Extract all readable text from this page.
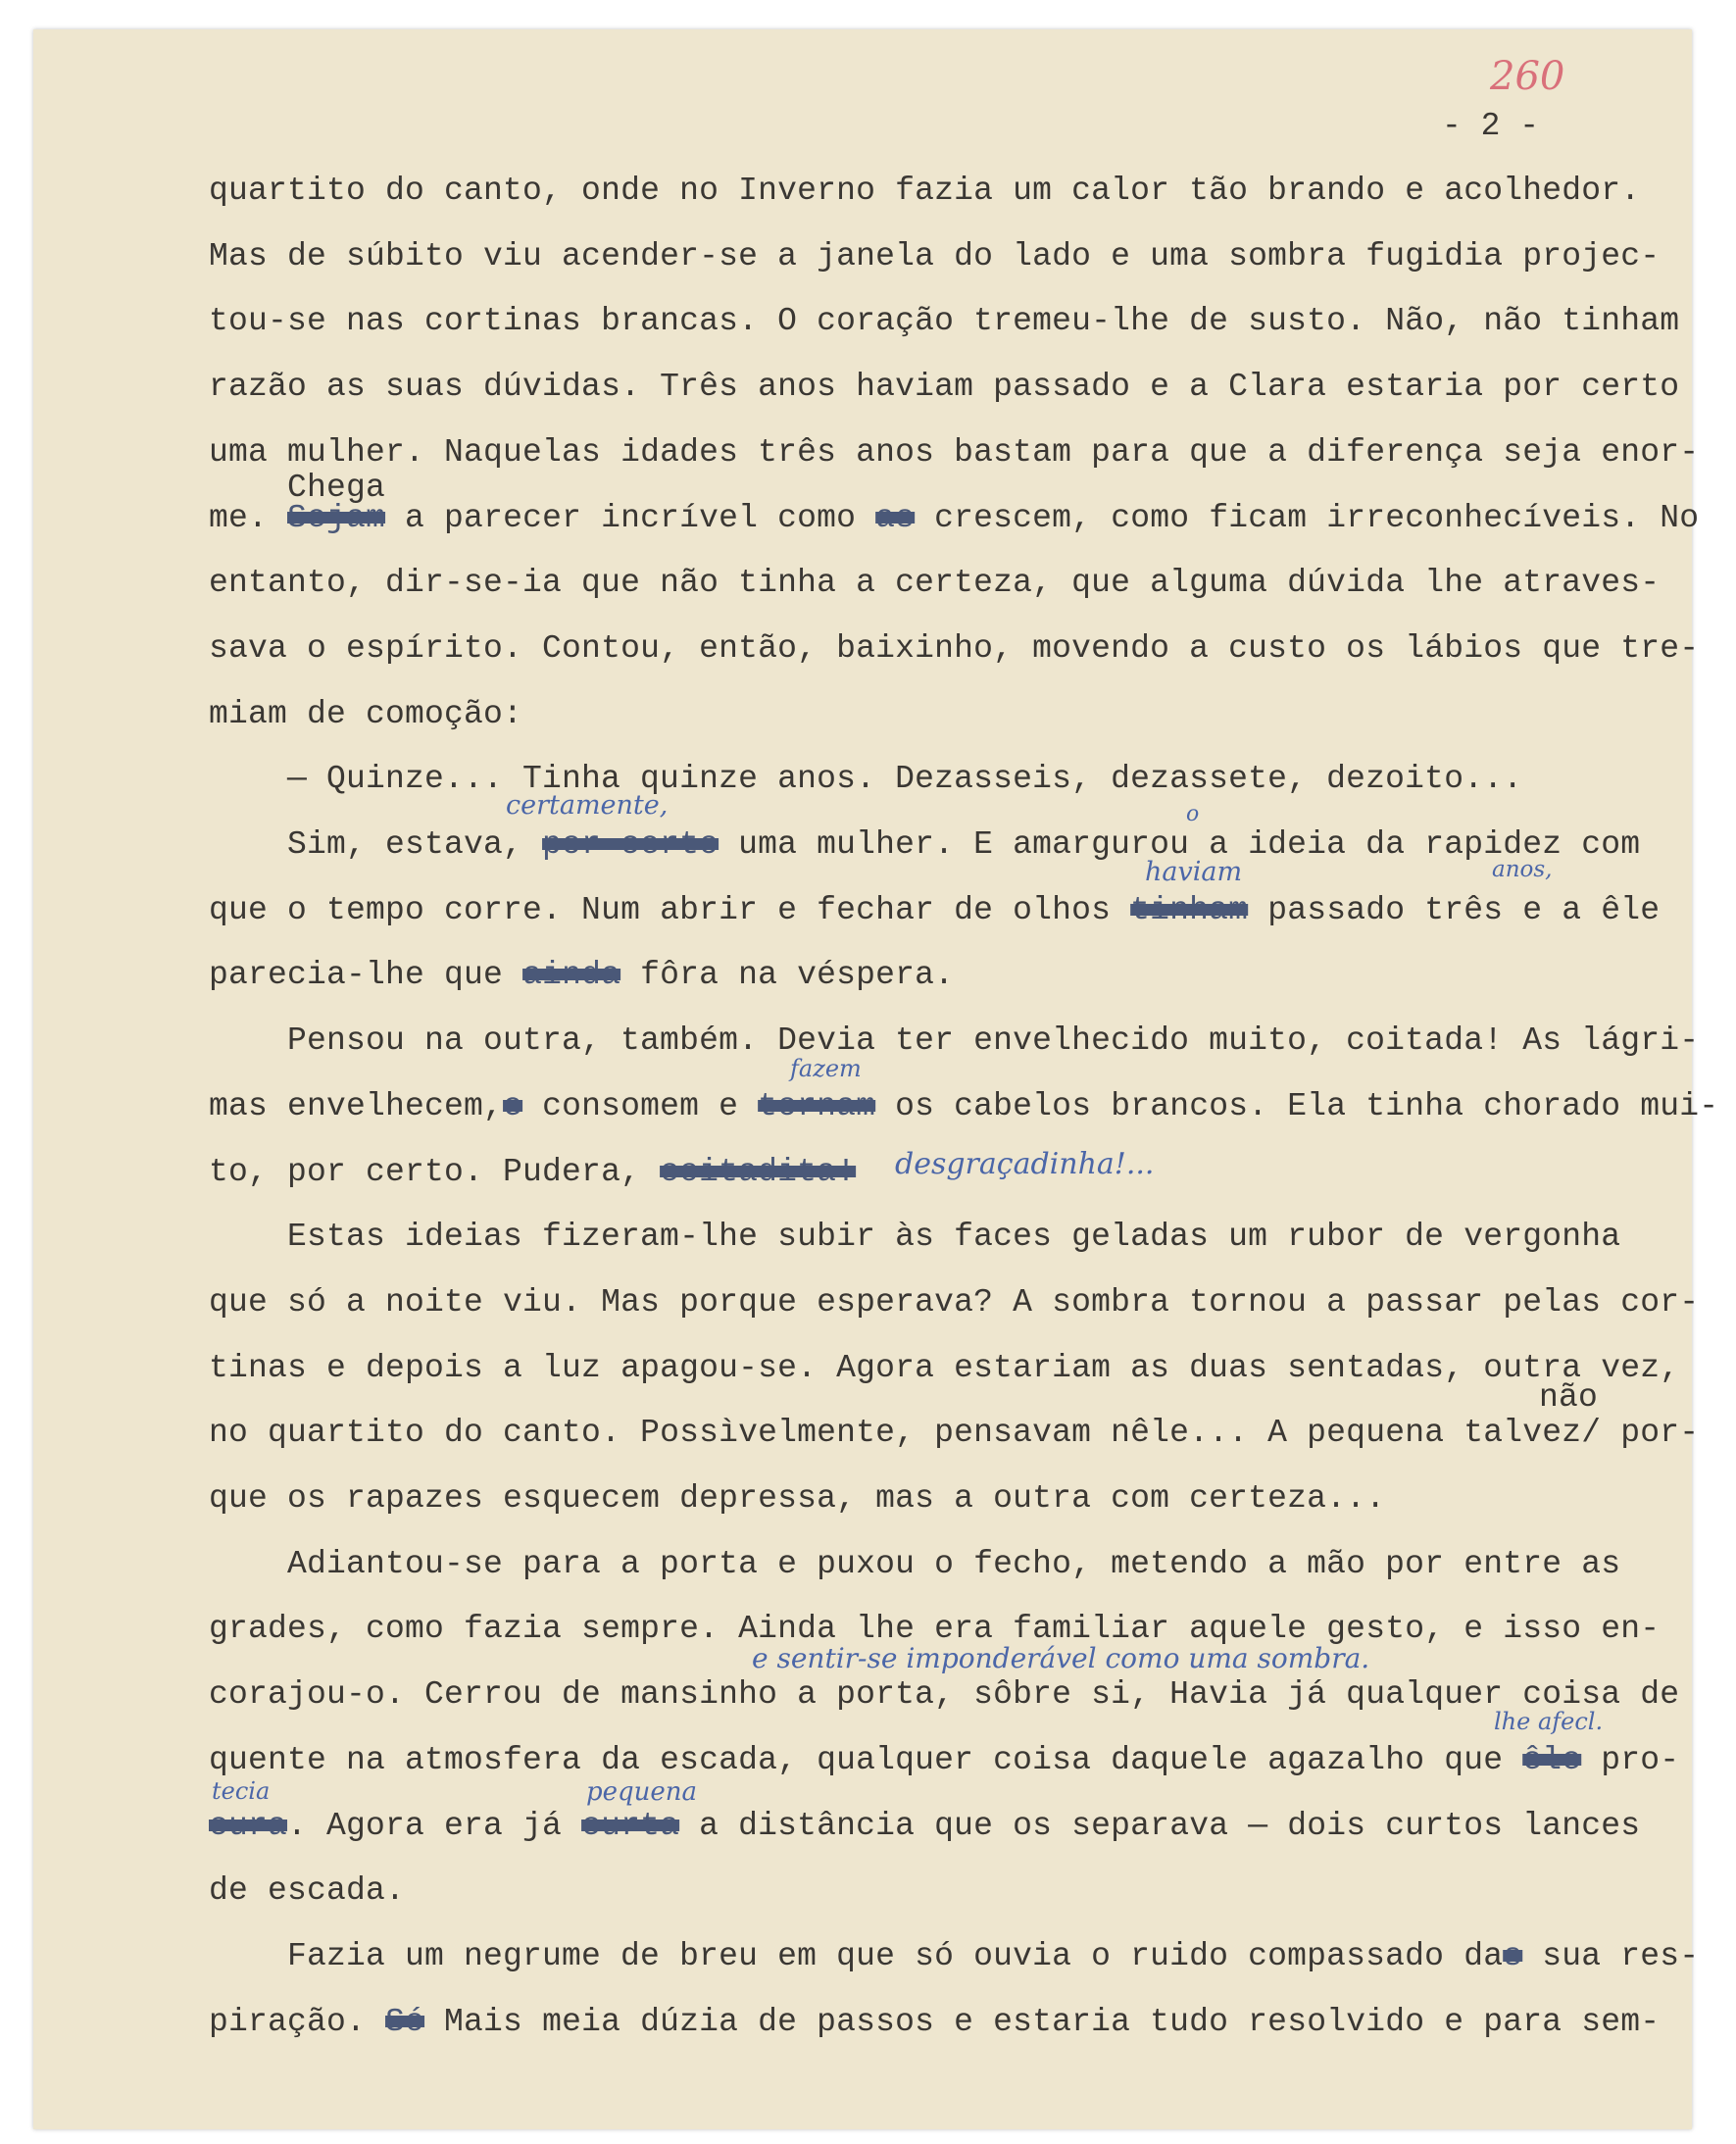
260
- 2 -
quartito do canto, onde no Inverno fazia um calor tão brando e acolhedor.
Mas de súbito viu acender-se a janela do lado e uma sombra fugidia projec-
tou-se nas cortinas brancas. O coração tremeu-lhe de susto. Não, não tinham
razão as suas dúvidas. Três anos haviam passado e a Clara estaria por certo
uma mulher. Naquelas idades três anos bastam para que a diferença seja enor-
me. Sejam a parecer incrível como as crescem, como ficam irreconhecíveis. No
entanto, dir-se-ia que não tinha a certeza, que alguma dúvida lhe atraves-
sava o espírito. Contou, então, baixinho, movendo a custo os lábios que tre-
miam de comoção:
— Quinze... Tinha quinze anos. Dezasseis, dezassete, dezoito...
Sim, estava, por certo uma mulher. E amargurou a ideia da rapidez com
que o tempo corre. Num abrir e fechar de olhos tinham passado três e a êle
parecia-lhe que ainda fôra na véspera.
Pensou na outra, também. Devia ter envelhecido muito, coitada! As lágri-
mas envelhecem,e consomem e tornam os cabelos brancos. Ela tinha chorado mui-
to, por certo. Pudera, coitadita!
Estas ideias fizeram-lhe subir às faces geladas um rubor de vergonha
que só a noite viu. Mas porque esperava? A sombra tornou a passar pelas cor-
tinas e depois a luz apagou-se. Agora estariam as duas sentadas, outra vez,
no quartito do canto. Possìvelmente, pensavam nêle... A pequena talvez/ por-
que os rapazes esquecem depressa, mas a outra com certeza...
Adiantou-se para a porta e puxou o fecho, metendo a mão por entre as
grades, como fazia sempre. Ainda lhe era familiar aquele gesto, e isso en-
corajou-o. Cerrou de mansinho a porta, sôbre si, Havia já qualquer coisa de
quente na atmosfera da escada, qualquer coisa daquele agazalho que êle pro-
cura. Agora era já curta a distância que os separava — dois curtos lances
de escada.
Fazia um negrume de breu em que só ouvia o ruido compassado das sua res-
piração. Só Mais meia dúzia de passos e estaria tudo resolvido e para sem-
Chega
certamente,	o
haviam	anos,
fazem
desgraçadinha!...
não
e sentir-se imponderável como uma sombra.
lhe afecl.
tecia	pequena
